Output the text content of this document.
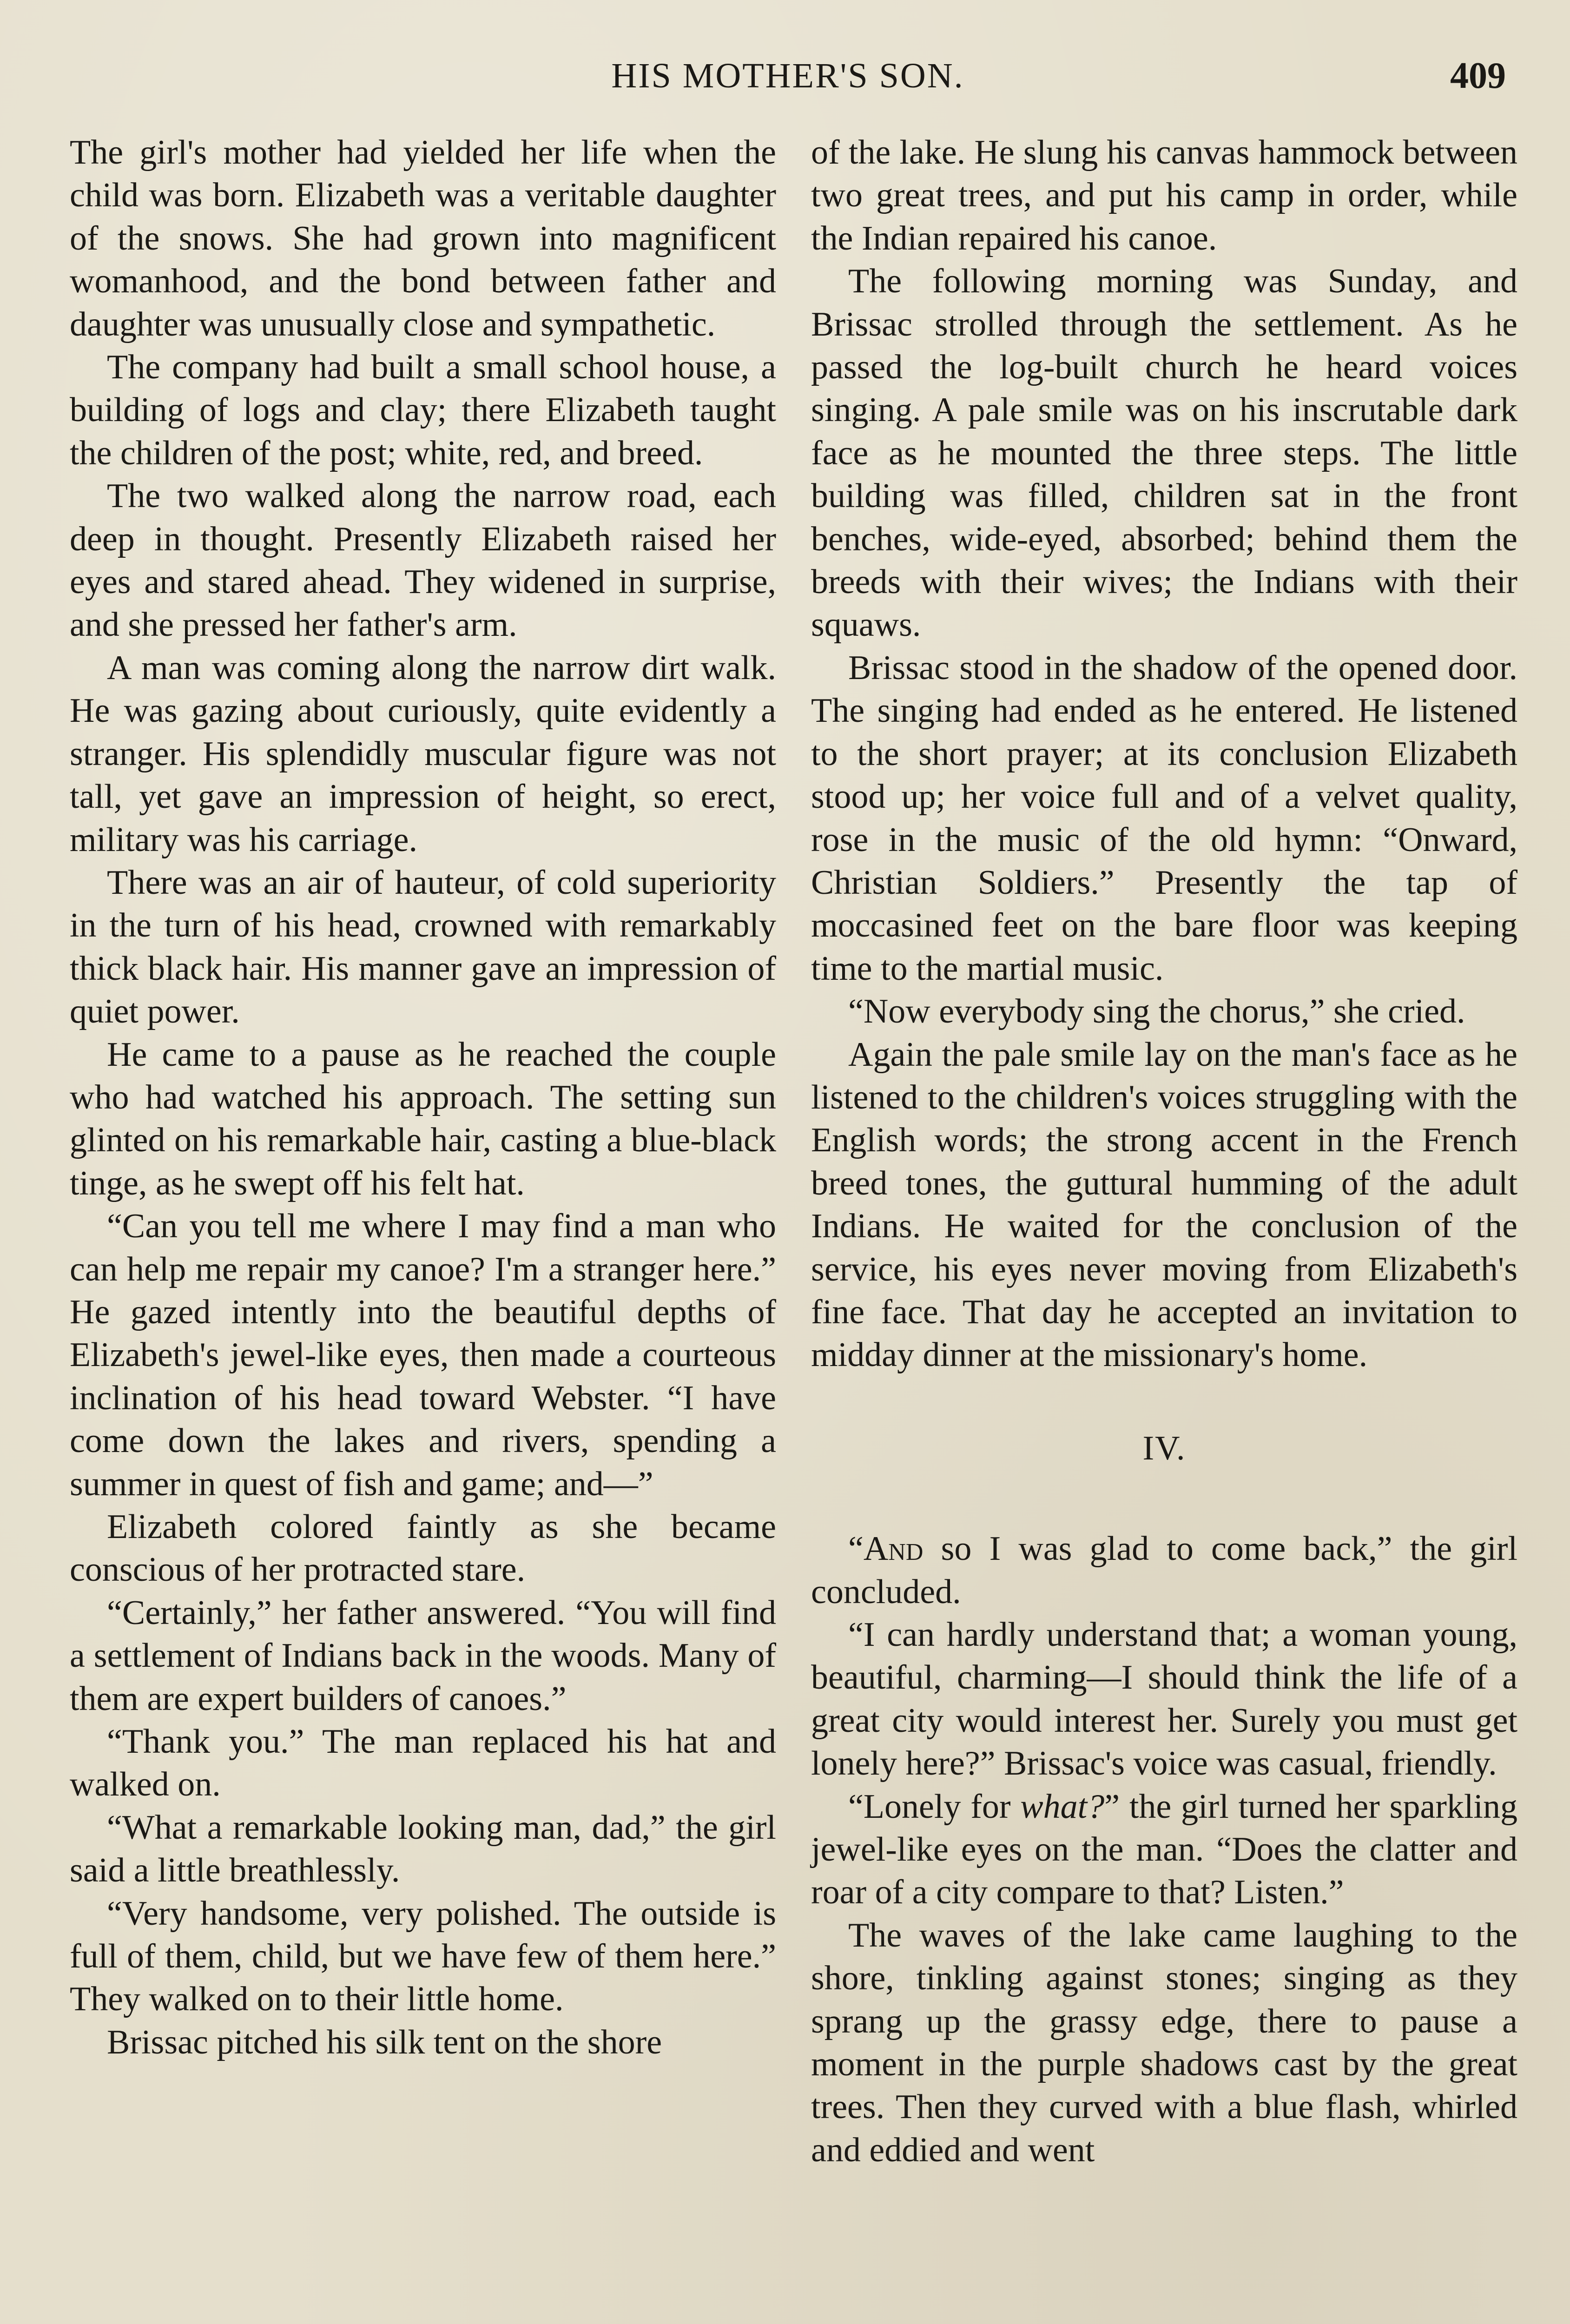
HIS MOTHER'S SON.	409

The girl's mother had yielded her life when the child was born. Elizabeth was a veritable daughter of the snows. She had grown into magnificent womanhood, and the bond between father and daughter was unusually close and sympathetic.

The company had built a small school house, a building of logs and clay; there Elizabeth taught the children of the post; white, red, and breed.

The two walked along the narrow road, each deep in thought. Presently Elizabeth raised her eyes and stared ahead. They widened in surprise, and she pressed her father's arm.

A man was coming along the narrow dirt walk. He was gazing about curiously, quite evidently a stranger. His splendidly muscular figure was not tall, yet gave an impression of height, so erect, military was his carriage.

There was an air of hauteur, of cold superiority in the turn of his head, crowned with remarkably thick black hair. His manner gave an impression of quiet power.

He came to a pause as he reached the couple who had watched his approach. The setting sun glinted on his remarkable hair, casting a blue-black tinge, as he swept off his felt hat.

“Can you tell me where I may find a man who can help me repair my canoe? I'm a stranger here.” He gazed intently into the beautiful depths of Elizabeth's jewel-like eyes, then made a courteous inclination of his head toward Webster. “I have come down the lakes and rivers, spending a summer in quest of fish and game; and—”

Elizabeth colored faintly as she became conscious of her protracted stare.

“Certainly,” her father answered. “You will find a settlement of Indians back in the woods. Many of them are expert builders of canoes.”

“Thank you.” The man replaced his hat and walked on.

“What a remarkable looking man, dad,” the girl said a little breathlessly.

“Very handsome, very polished. The outside is full of them, child, but we have few of them here.” They walked on to their little home.

Brissac pitched his silk tent on the shore

of the lake. He slung his canvas hammock between two great trees, and put his camp in order, while the Indian repaired his canoe.

The following morning was Sunday, and Brissac strolled through the settlement. As he passed the log-built church he heard voices singing. A pale smile was on his inscrutable dark face as he mounted the three steps. The little building was filled, children sat in the front benches, wide-eyed, absorbed; behind them the breeds with their wives; the Indians with their squaws.

Brissac stood in the shadow of the opened door. The singing had ended as he entered. He listened to the short prayer; at its conclusion Elizabeth stood up; her voice full and of a velvet quality, rose in the music of the old hymn: “Onward, Christian Soldiers.” Presently the tap of moccasined feet on the bare floor was keeping time to the martial music.

“Now everybody sing the chorus,” she cried.

Again the pale smile lay on the man's face as he listened to the children's voices struggling with the English words; the strong accent in the French breed tones, the guttural humming of the adult Indians. He waited for the conclusion of the service, his eyes never moving from Elizabeth's fine face. That day he accepted an invitation to midday dinner at the missionary's home.

IV.

“And so I was glad to come back,” the girl concluded.

“I can hardly understand that; a woman young, beautiful, charming—I should think the life of a great city would interest her. Surely you must get lonely here?” Brissac's voice was casual, friendly.

“Lonely for what?” the girl turned her sparkling jewel-like eyes on the man. “Does the clatter and roar of a city compare to that? Listen.”

The waves of the lake came laughing to the shore, tinkling against stones; singing as they sprang up the grassy edge, there to pause a moment in the purple shadows cast by the great trees. Then they curved with a blue flash, whirled and eddied and went
